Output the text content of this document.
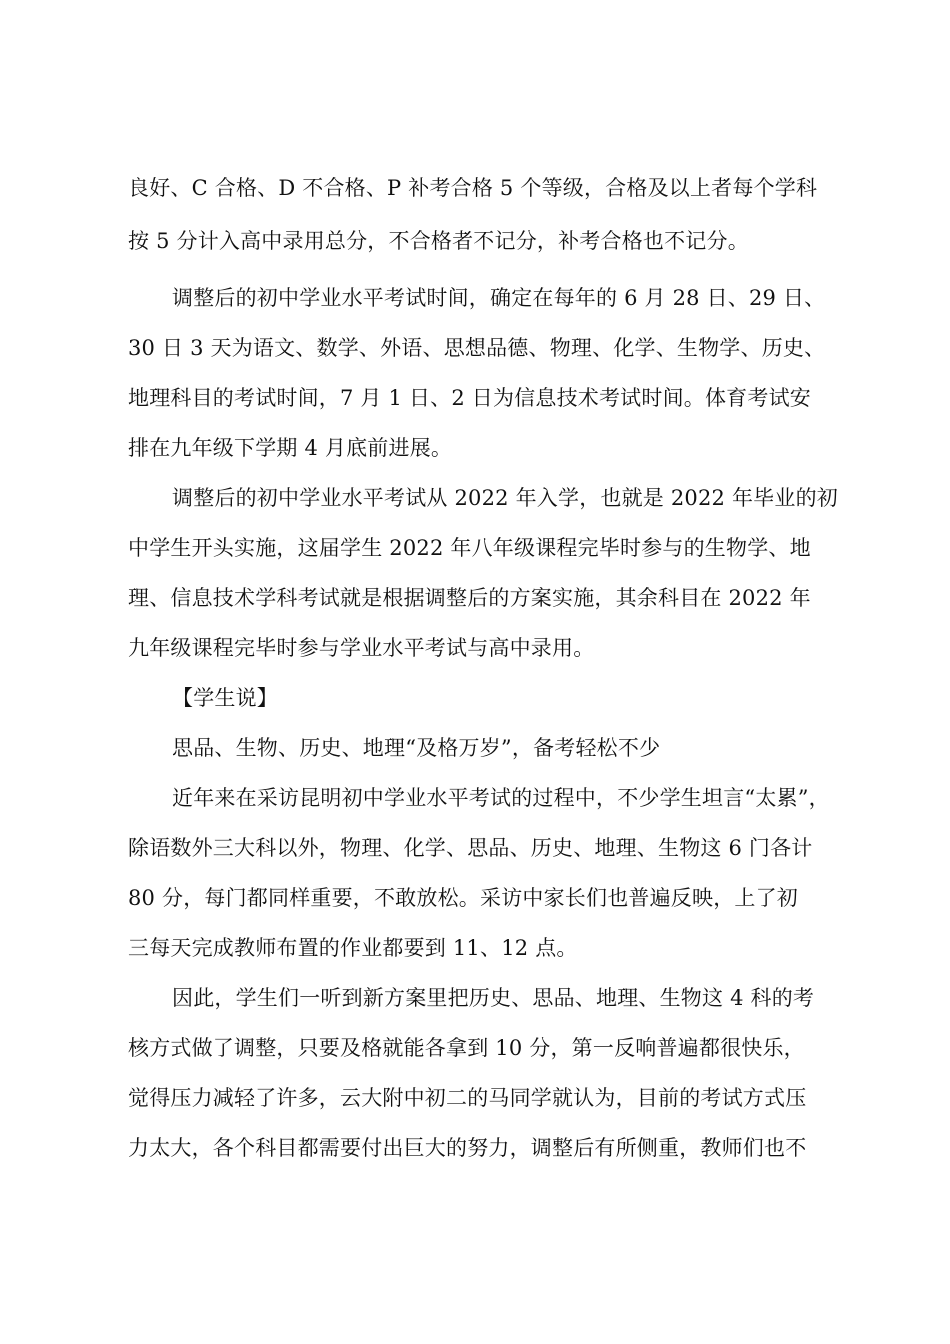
良好、C 合格、D 不合格、P 补考合格 5 个等级，合格及以上者每个学科
按 5 分计入高中录用总分，不合格者不记分，补考合格也不记分。
调整后的初中学业水平考试时间，确定在每年的 6 月 28 日、29 日、
30 日 3 天为语文、数学、外语、思想品德、物理、化学、生物学、历史、
地理科目的考试时间，7 月 1 日、2 日为信息技术考试时间。体育考试安
排在九年级下学期 4 月底前进展。
调整后的初中学业水平考试从 2022 年入学，也就是 2022 年毕业的初
中学生开头实施，这届学生 2022 年八年级课程完毕时参与的生物学、地
理、信息技术学科考试就是根据调整后的方案实施，其余科目在 2022 年
九年级课程完毕时参与学业水平考试与高中录用。
【学生说】
思品、生物、历史、地理“及格万岁”，备考轻松不少
近年来在采访昆明初中学业水平考试的过程中，不少学生坦言“太累”，
除语数外三大科以外，物理、化学、思品、历史、地理、生物这 6 门各计
80 分，每门都同样重要，不敢放松。采访中家长们也普遍反映，上了初
三每天完成教师布置的作业都要到 11、12 点。
因此，学生们一听到新方案里把历史、思品、地理、生物这 4 科的考
核方式做了调整，只要及格就能各拿到 10 分，第一反响普遍都很快乐，
觉得压力减轻了许多，云大附中初二的马同学就认为，目前的考试方式压
力太大，各个科目都需要付出巨大的努力，调整后有所侧重，教师们也不
